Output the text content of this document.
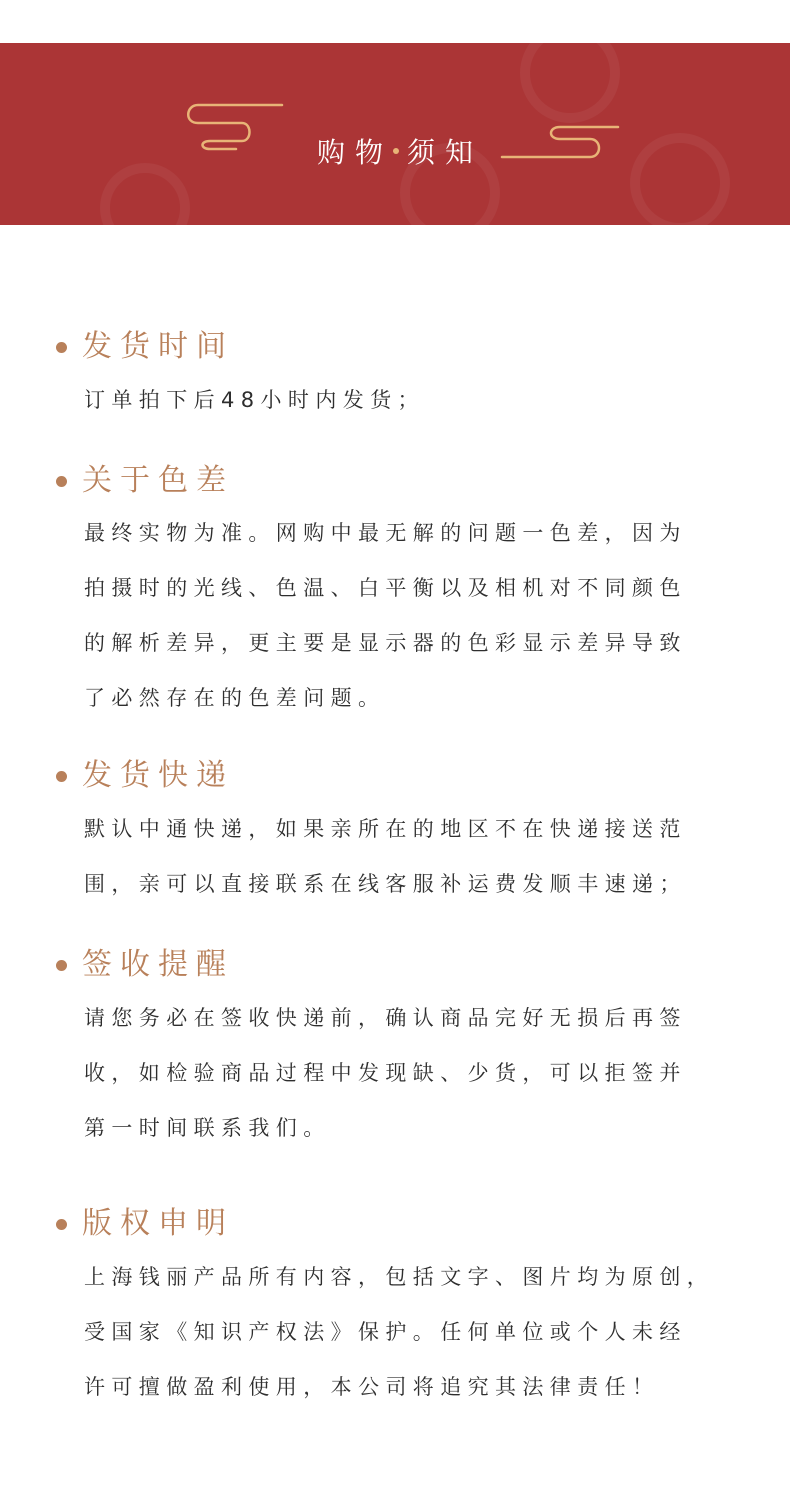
购物 须知
发货时间

订单拍下后48小时内发货；

关于色差

最终实物为准。网购中最无解的问题一色差，因为
拍摄时的光线、色温、白平衡以及相机对不同颜色
的解析差异，更主要是显示器的色彩显示差异导致
了必然存在的色差问题。

发货快递

默认中通快递，如果亲所在的地区不在快递接送范
围，亲可以直接联系在线客服补运费发顺丰速递；

签收提醒

请您务必在签收快递前，确认商品完好无损后再签
收，如检验商品过程中发现缺、少货，可以拒签并
第一时间联系我们。

版权申明

上海钱丽产品所有内容，包括文字、图片均为原创，
受国家《知识产权法》保护。任何单位或个人未经
许可擅做盈利使用，本公司将追究其法律责任！
